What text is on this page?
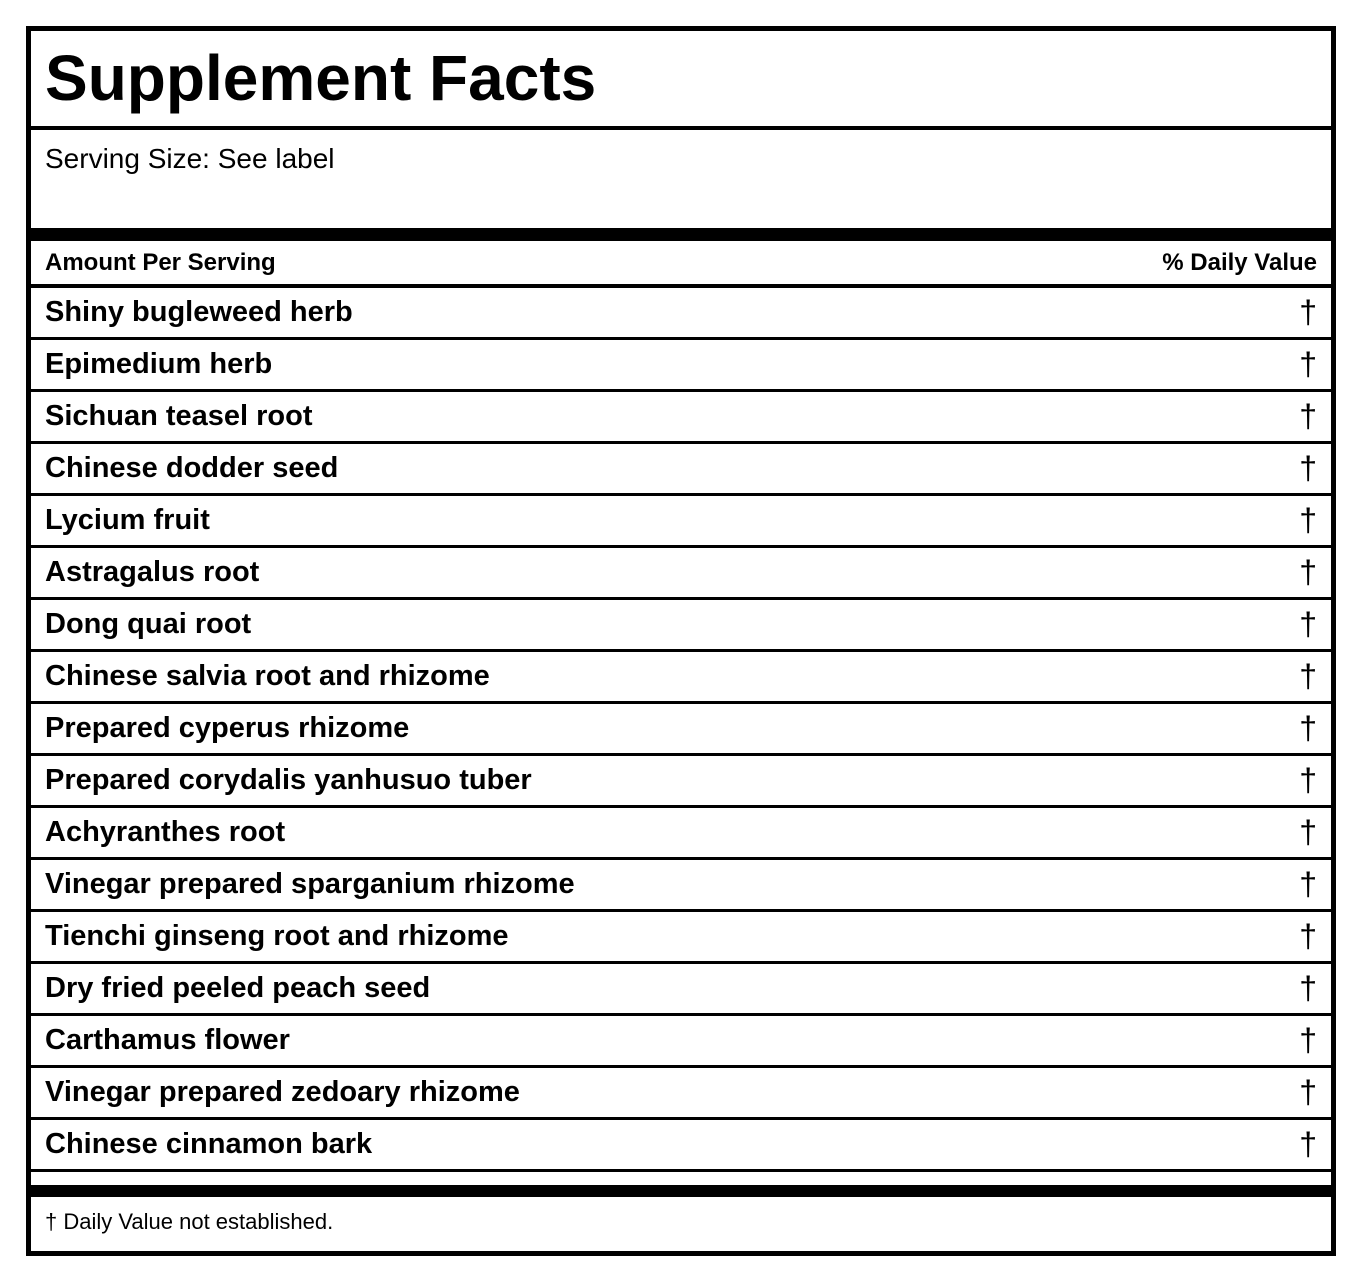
Supplement Facts
Serving Size: See label
Amount Per Serving	% Daily Value
Shiny bugleweed herb	†
Epimedium herb	†
Sichuan teasel root	†
Chinese dodder seed	†
Lycium fruit	†
Astragalus root	†
Dong quai root	†
Chinese salvia root and rhizome	†
Prepared cyperus rhizome	†
Prepared corydalis yanhusuo tuber	†
Achyranthes root	†
Vinegar prepared sparganium rhizome	†
Tienchi ginseng root and rhizome	†
Dry fried peeled peach seed	†
Carthamus flower	†
Vinegar prepared zedoary rhizome	†
Chinese cinnamon bark	†
† Daily Value not established.
